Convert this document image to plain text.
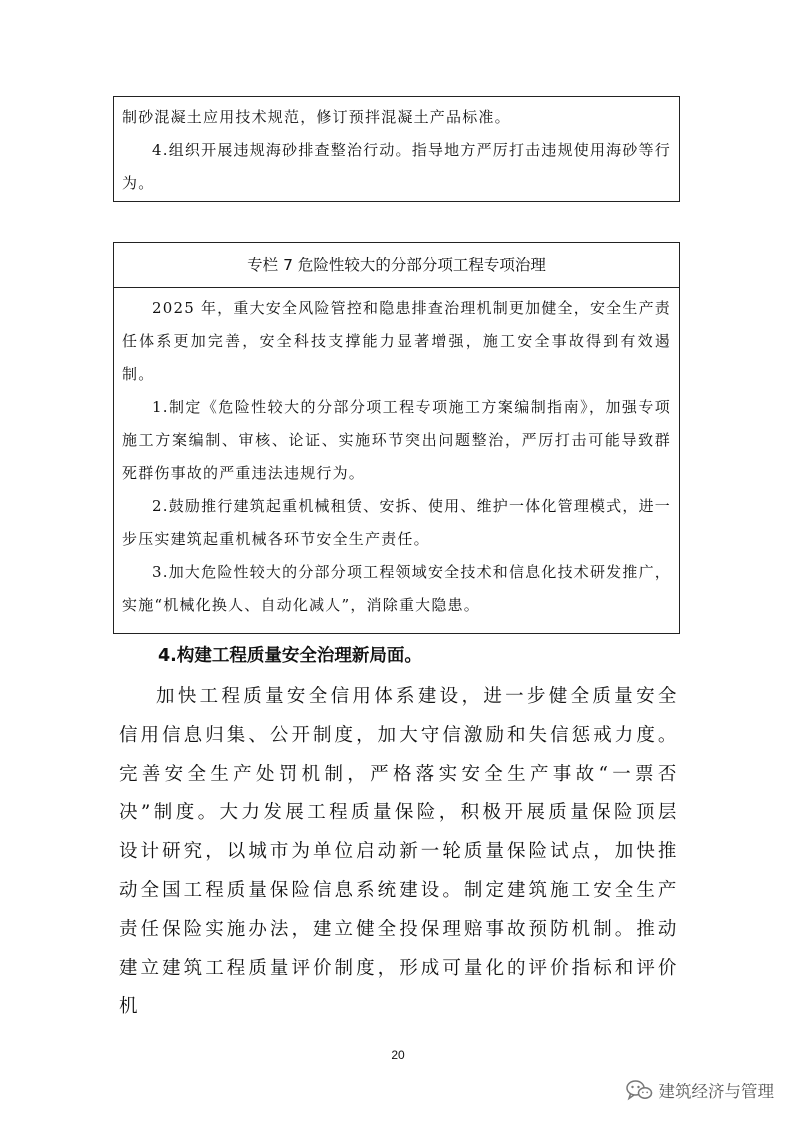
制砂混凝土应用技术规范，修订预拌混凝土产品标准。

4.组织开展违规海砂排查整治行动。指导地方严厉打击违规使用海砂等行为。

专栏 7 危险性较大的分部分项工程专项治理

2025 年，重大安全风险管控和隐患排查治理机制更加健全，安全生产责任体系更加完善，安全科技支撑能力显著增强，施工安全事故得到有效遏制。

1.制定《危险性较大的分部分项工程专项施工方案编制指南》，加强专项施工方案编制、审核、论证、实施环节突出问题整治，严厉打击可能导致群死群伤事故的严重违法违规行为。

2.鼓励推行建筑起重机械租赁、安拆、使用、维护一体化管理模式，进一步压实建筑起重机械各环节安全生产责任。

3.加大危险性较大的分部分项工程领域安全技术和信息化技术研发推广，实施“机械化换人、自动化减人”，消除重大隐患。

4.构建工程质量安全治理新局面。

加快工程质量安全信用体系建设，进一步健全质量安全信用信息归集、公开制度，加大守信激励和失信惩戒力度。完善安全生产处罚机制，严格落实安全生产事故“一票否决”制度。大力发展工程质量保险，积极开展质量保险顶层设计研究，以城市为单位启动新一轮质量保险试点，加快推动全国工程质量保险信息系统建设。制定建筑施工安全生产责任保险实施办法，建立健全投保理赔事故预防机制。推动建立建筑工程质量评价制度，形成可量化的评价指标和评价机

20
建筑经济与管理
